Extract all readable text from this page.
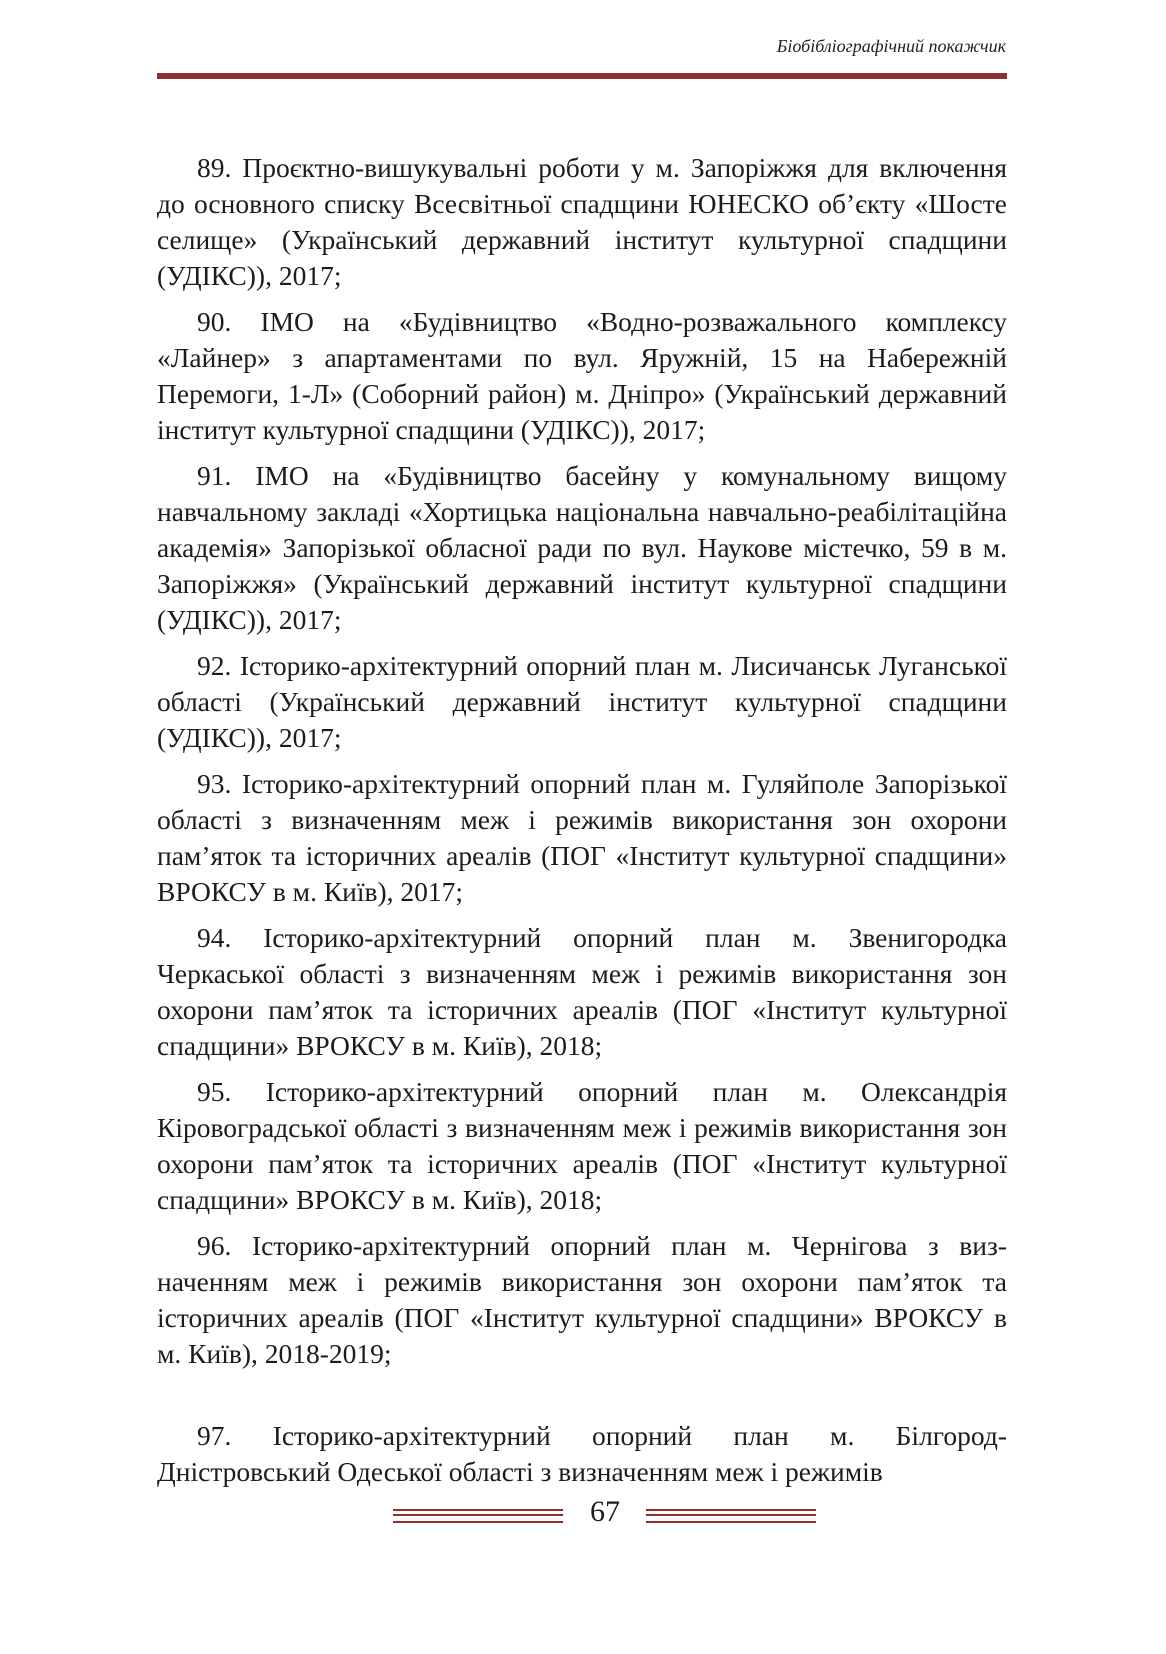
Біобібліографічний покажчик

89. Проєктно-вишукувальні роботи у м. Запоріжжя для включення до основного списку Всесвітньої спадщини ЮНЕСКО об’єкту «Шосте селище» (Український державний інститут культурної спадщини (УДІКС)), 2017;

90. ІМО на «Будівництво «Водно-розважального комплексу «Лайнер» з апартаментами по вул. Яружній, 15 на Набережній Перемоги, 1-Л» (Соборний район) м. Дніпро» (Український державний інститут культурної спадщини (УДІКС)), 2017;

91. ІМО на «Будівництво басейну у комунальному вищому навчальному закладі «Хортицька національна навчально-реабілітаційна академія» Запорізької обласної ради по вул. Наукове містечко, 59 в м. Запоріжжя» (Український державний інститут культурної спадщини (УДІКС)), 2017;

92. Історико-архітектурний опорний план м. Лисичанськ Луганської області (Український державний інститут культурної спадщини (УДІКС)), 2017;

93. Історико-архітектурний опорний план м. Гуляйполе Запорізької області з визначенням меж і режимів використання зон охорони пам’яток та історичних ареалів (ПОГ «Інститут культурної спадщини» ВРОКСУ в м. Київ), 2017;

94. Історико-архітектурний опорний план м. Звенигородка Черкаської області з визначенням меж і режимів використання зон охорони пам’яток та історичних ареалів (ПОГ «Інститут культурної спадщини» ВРОКСУ в м. Київ), 2018;

95. Історико-архітектурний опорний план м. Олександрія Кіровоградської області з визначенням меж і режимів використання зон охорони пам’яток та історичних ареалів (ПОГ «Інститут культурної спадщини» ВРОКСУ в м. Київ), 2018;

96. Історико-архітектурний опорний план м. Чернігова з визначенням меж і режимів використання зон охорони пам’яток та історичних ареалів (ПОГ «Інститут культурної спадщини» ВРОКСУ в м. Київ), 2018-2019;

97. Історико-архітектурний опорний план м. Білгород-Дністровський Одеської області з визначенням меж і режимів

67
